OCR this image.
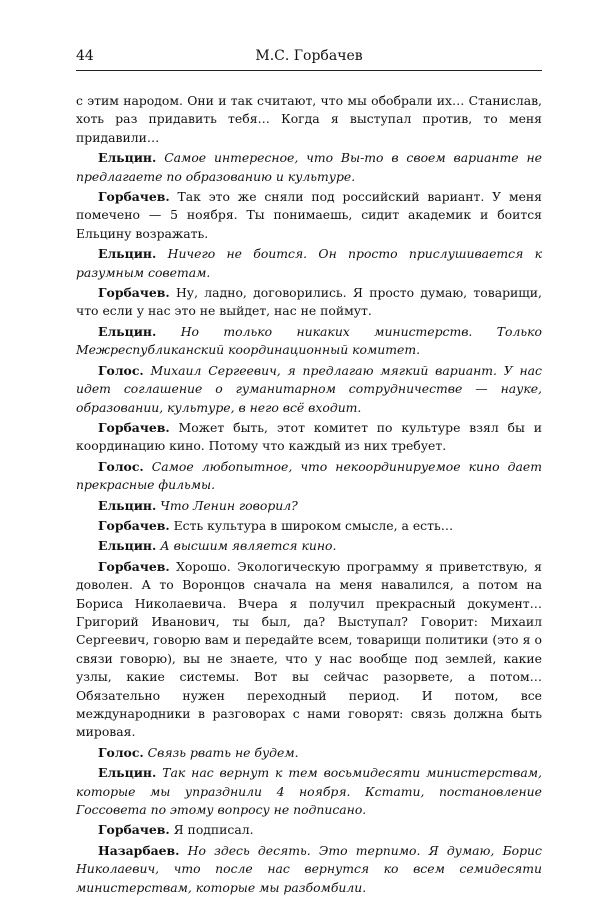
44	М.С. Горбачев

с этим народом. Они и так считают, что мы обобрали их… Станислав, хоть раз придавить тебя… Когда я выступал против, то меня придавили…

Ельцин. Самое интересное, что Вы-то в своем варианте не предлагаете по образованию и культуре.

Горбачев. Так это же сняли под российский вариант. У меня помечено — 5 ноября. Ты понимаешь, сидит академик и боится Ельцину возражать.

Ельцин. Ничего не боится. Он просто прислушивается к разумным советам.

Горбачев. Ну, ладно, договорились. Я просто думаю, товарищи, что если у нас это не выйдет, нас не поймут.

Ельцин. Но только никаких министерств. Только Межреспубликанский координационный комитет.

Голос. Михаил Сергеевич, я предлагаю мягкий вариант. У нас идет соглашение о гуманитарном сотрудничестве — науке, образовании, культуре, в него всё входит.

Горбачев. Может быть, этот комитет по культуре взял бы и координацию кино. Потому что каждый из них требует.

Голос. Самое любопытное, что некоординируемое кино дает прекрасные фильмы.

Ельцин. Что Ленин говорил?

Горбачев. Есть культура в широком смысле, а есть…

Ельцин. А высшим является кино.

Горбачев. Хорошо. Экологическую программу я приветствую, я доволен. А то Воронцов сначала на меня навалился, а потом на Бориса Николаевича. Вчера я получил прекрасный документ… Григорий Иванович, ты был, да? Выступал? Говорит: Михаил Сергеевич, говорю вам и передайте всем, товарищи политики (это я о связи говорю), вы не знаете, что у нас вообще под землей, какие узлы, какие системы. Вот вы сейчас разорвете, а потом… Обязательно нужен переходный период. И потом, все международники в разговорах с нами говорят: связь должна быть мировая.

Голос. Связь рвать не будем.

Ельцин. Так нас вернут к тем восьмидесяти министерствам, которые мы упразднили 4 ноября. Кстати, постановление Госсовета по этому вопросу не подписано.

Горбачев. Я подписал.

Назарбаев. Но здесь десять. Это терпимо. Я думаю, Борис Николаевич, что после нас вернутся ко всем семидесяти министерствам, которые мы разбомбили.
